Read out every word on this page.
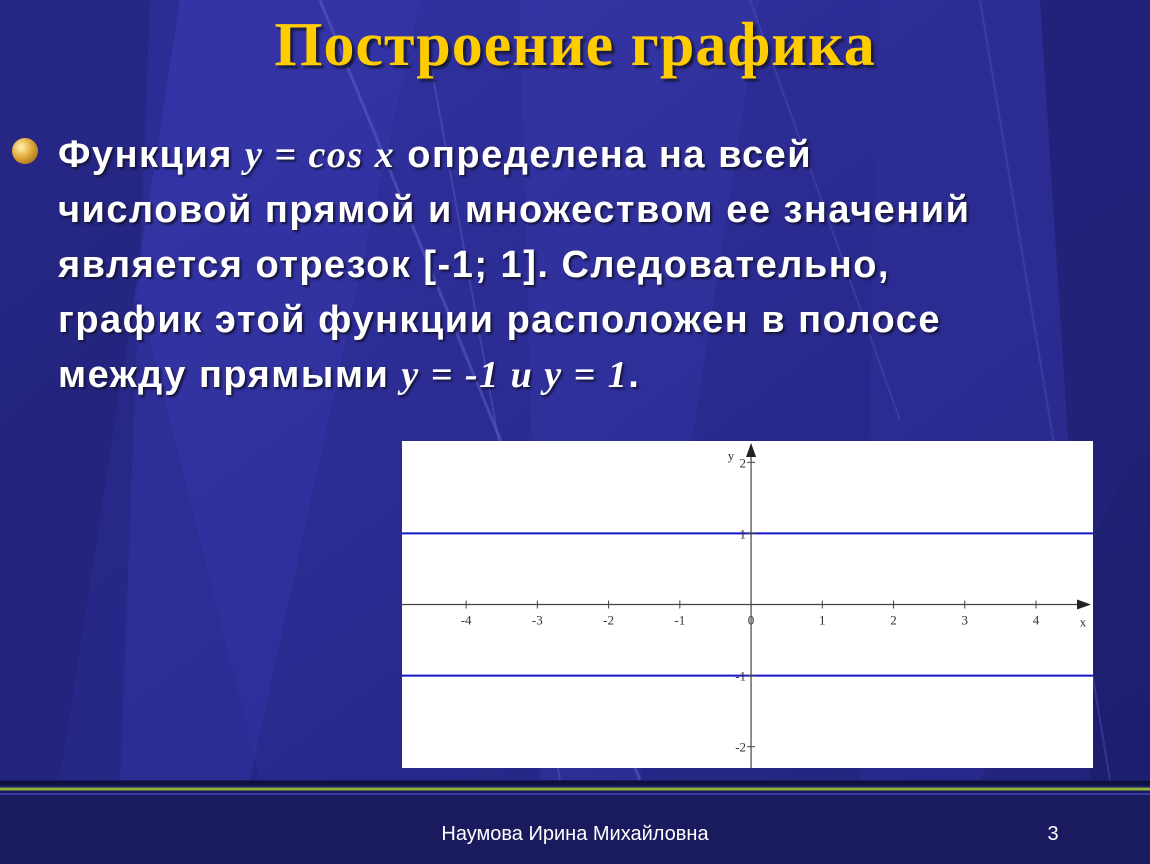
Построение графика
Функция y = cos x определена на всей
числовой прямой и множеством ее значений
является отрезок [-1; 1]. Следовательно,
график этой функции расположен в полосе
между прямыми y = -1 и y = 1.
-4	-3	-2	-1	0	1	2	3	4
2
1
-1
-2
x
y
Наумова Ирина Михайловна	3
